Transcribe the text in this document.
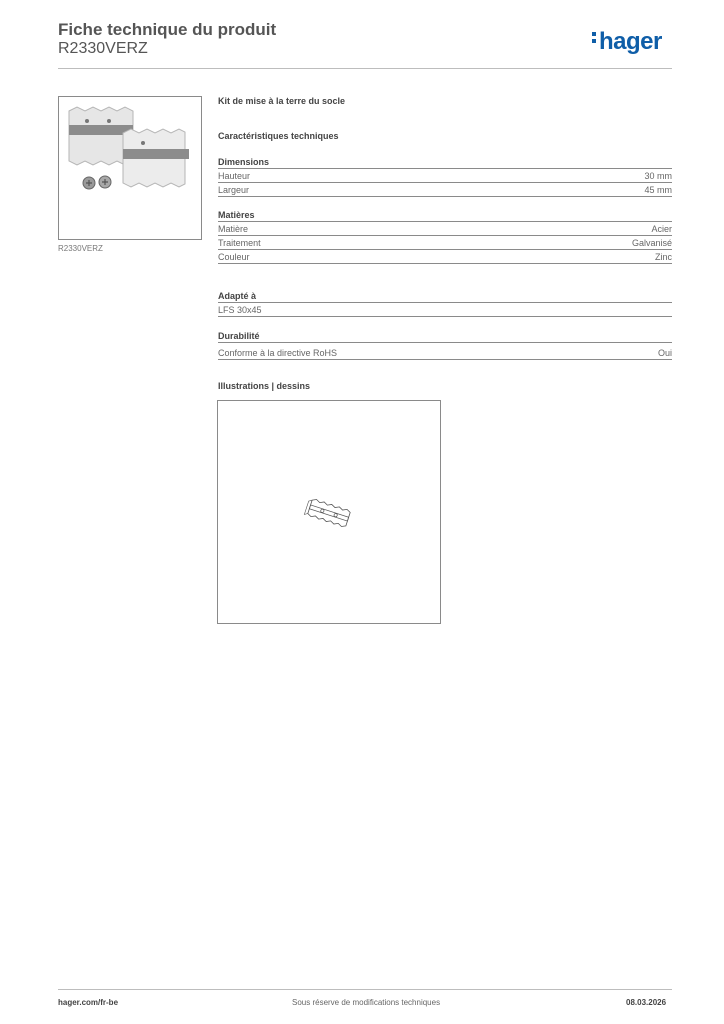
Fiche technique du produit
R2330VERZ	hager
R2330VERZ
Kit de mise à la terre du socle
Caractéristiques techniques
Dimensions
Hauteur	30 mm
Largeur	45 mm
Matières
Matière	Acier
Traitement	Galvanisé
Couleur	Zinc
Adapté à
LFS 30x45
Durabilité
Conforme à la directive RoHS	Oui
Illustrations | dessins
hager.com/fr-be	Sous réserve de modifications techniques	08.03.2026
